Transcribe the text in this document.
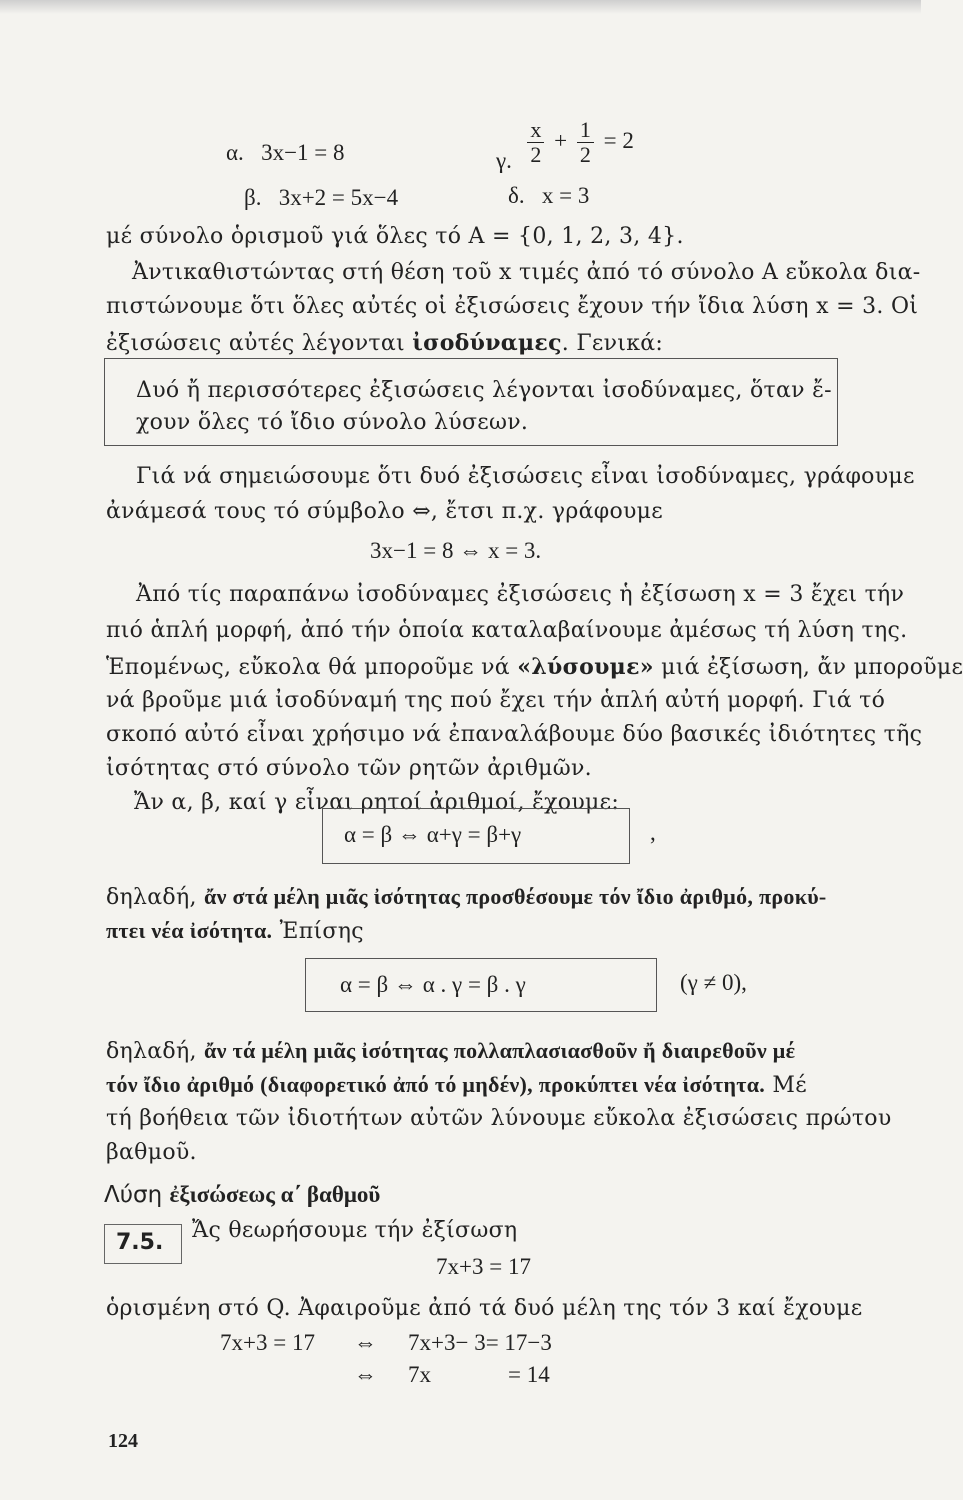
α. 3x−1 = 8	γ. $\frac{x}{2} + \frac{1}{2} = 2$
β. 3x+2 = 5x−4	δ. x = 3
μέ σύνολο ὁρισμοῦ γιά ὅλες τό Α = {0, 1, 2, 3, 4}.
Ἀντικαθιστώντας στή θέση τοῦ x τιμές ἀπό τό σύνολο Α εὔκολα δια-
πιστώνουμε ὅτι ὅλες αὐτές οἱ ἐξισώσεις ἔχουν τήν ἴδια λύση x = 3. Οἱ
ἐξισώσεις αὐτές λέγονται ἰσοδύναμες. Γενικά:
Δυό ἤ περισσότερες ἐξισώσεις λέγονται ἰσοδύναμες, ὅταν ἔ-
χουν ὅλες τό ἴδιο σύνολο λύσεων.
Γιά νά σημειώσουμε ὅτι δυό ἐξισώσεις εἶναι ἰσοδύναμες, γράφουμε
ἀνάμεσά τους τό σύμβολο ⇔, ἔτσι π.χ. γράφουμε
3x−1 = 8 ⇔ x = 3.
Ἀπό τίς παραπάνω ἰσοδύναμες ἐξισώσεις ἡ ἐξίσωση x = 3 ἔχει τήν
πιό ἁπλή μορφή, ἀπό τήν ὁποία καταλαβαίνουμε ἀμέσως τή λύση της.
Ἑπομένως, εὔκολα θά μποροῦμε νά «λύσουμε» μιά ἐξίσωση, ἄν μποροῦμε
νά βροῦμε μιά ἰσοδύναμή της πού ἔχει τήν ἁπλή αὐτή μορφή. Γιά τό
σκοπό αὐτό εἶναι χρήσιμο νά ἐπαναλάβουμε δύο βασικές ἰδιότητες τῆς
ἰσότητας στό σύνολο τῶν ρητῶν ἀριθμῶν.
Ἄν α, β, καί γ εἶναι ρητοί ἀριθμοί, ἔχουμε:
α = β ⇔ α+γ = β+γ	,
δηλαδή, ἄν στά μέλη μιᾶς ἰσότητας προσθέσουμε τόν ἴδιο ἀριθμό, προκύ-
πτει νέα ἰσότητα. Ἐπίσης
α = β ⇔ α . γ = β . γ	(γ ≠ 0),
δηλαδή, ἄν τά μέλη μιᾶς ἰσότητας πολλαπλασιασθοῦν ἤ διαιρεθοῦν μέ
τόν ἴδιο ἀριθμό (διαφορετικό ἀπό τό μηδέν), προκύπτει νέα ἰσότητα. Μέ
τή βοήθεια τῶν ἰδιοτήτων αὐτῶν λύνουμε εὔκολα ἐξισώσεις πρώτου
βαθμοῦ.
Λύση ἐξισώσεως α΄ βαθμοῦ
7.5. Ἄς θεωρήσουμε τήν ἐξίσωση
7x+3 = 17
ὁρισμένη στό Q. Ἀφαιροῦμε ἀπό τά δυό μέλη της τόν 3 καί ἔχουμε
7x+3 = 17 ⇔ 7x+3− 3= 17−3
⇔ 7x	= 14
124
